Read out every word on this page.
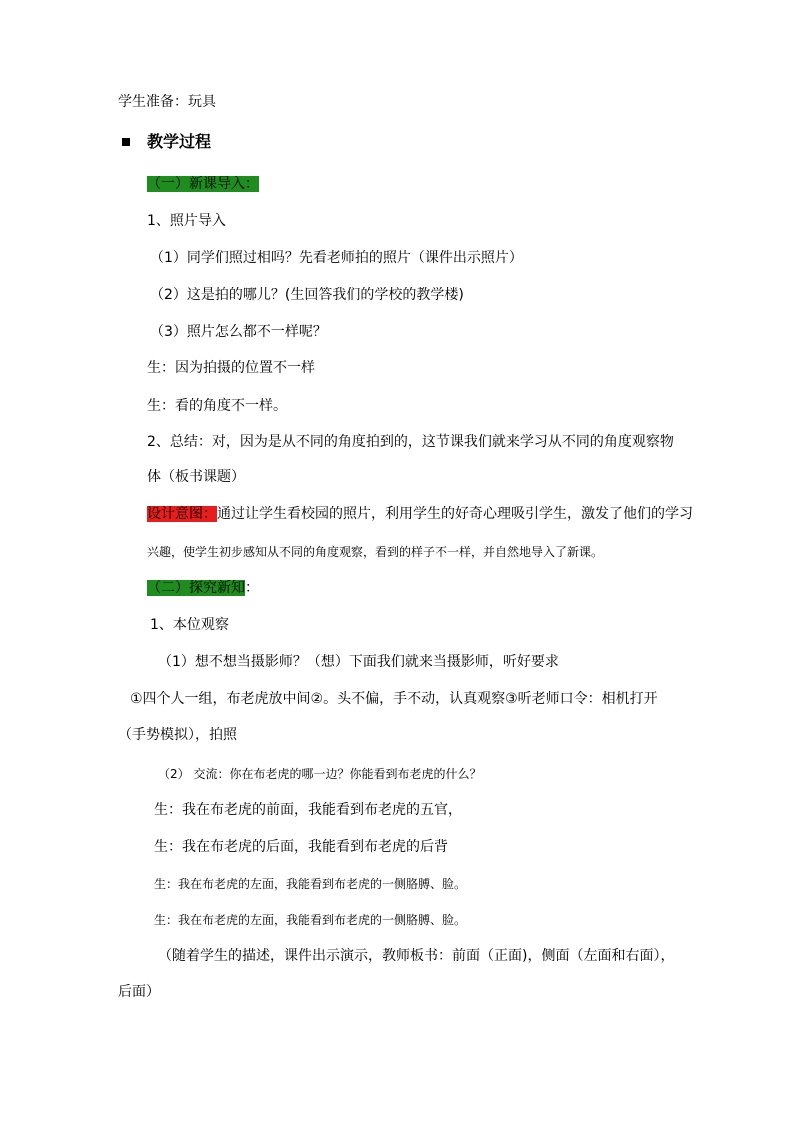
学生准备：玩具
教学过程
（一）新课导入：
1、照片导入
（1）同学们照过相吗？先看老师拍的照片（课件出示照片）
（2）这是拍的哪儿？(生回答我们的学校的教学楼)
（3）照片怎么都不一样呢？
生：因为拍摄的位置不一样
生：看的角度不一样。
2、总结：对，因为是从不同的角度拍到的，这节课我们就来学习从不同的角度观察物
体（板书课题）
设计意图：通过让学生看校园的照片，利用学生的好奇心理吸引学生，激发了他们的学习
兴趣，使学生初步感知从不同的角度观察，看到的样子不一样，并自然地导入了新课。
（二）探究新知：
1、本位观察
（1）想不想当摄影师？（想）下面我们就来当摄影师，听好要求
①四个人一组，布老虎放中间②。头不偏，手不动，认真观察③听老师口令：相机打开
（手势模拟），拍照
（2） 交流：你在布老虎的哪一边？你能看到布老虎的什么？
生：我在布老虎的前面，我能看到布老虎的五官，
生：我在布老虎的后面，我能看到布老虎的后背
生：我在布老虎的左面，我能看到布老虎的一侧胳膊、脸。
生：我在布老虎的左面，我能看到布老虎的一侧胳膊、脸。
（随着学生的描述，课件出示演示，教师板书：前面（正面)，侧面（左面和右面），
后面）
